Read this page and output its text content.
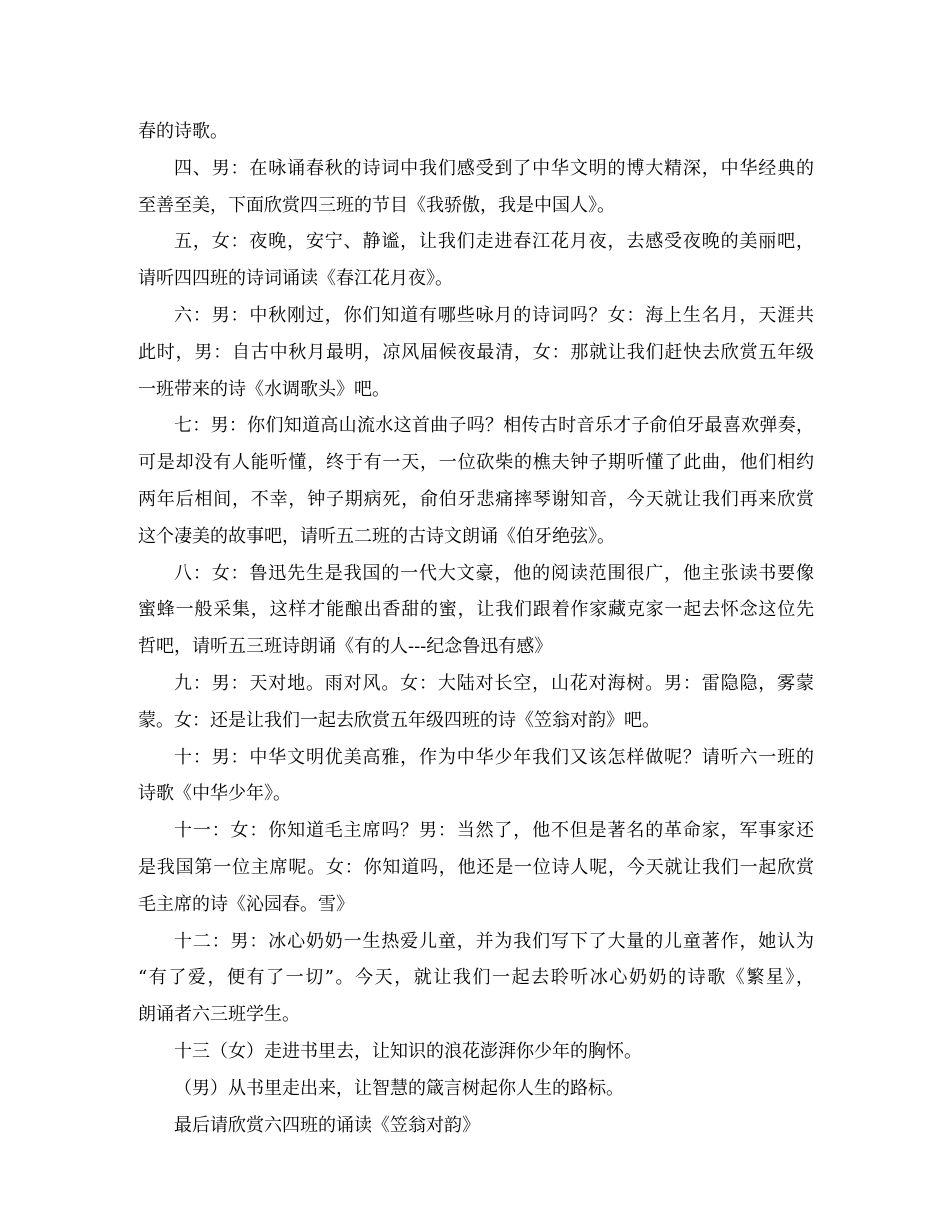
春的诗歌。
四、男：在咏诵春秋的诗词中我们感受到了中华文明的博大精深，中华经典的
至善至美，下面欣赏四三班的节目《我骄傲，我是中国人》。
五，女：夜晚，安宁、静谧，让我们走进春江花月夜，去感受夜晚的美丽吧，
请听四四班的诗词诵读《春江花月夜》。
六：男：中秋刚过，你们知道有哪些咏月的诗词吗？女：海上生名月，天涯共
此时，男：自古中秋月最明，凉风届候夜最清，女：那就让我们赶快去欣赏五年级
一班带来的诗《水调歌头》吧。
七：男：你们知道高山流水这首曲子吗？相传古时音乐才子俞伯牙最喜欢弹奏，
可是却没有人能听懂，终于有一天，一位砍柴的樵夫钟子期听懂了此曲，他们相约
两年后相间，不幸，钟子期病死，俞伯牙悲痛摔琴谢知音，今天就让我们再来欣赏
这个凄美的故事吧，请听五二班的古诗文朗诵《伯牙绝弦》。
八：女：鲁迅先生是我国的一代大文豪，他的阅读范围很广，他主张读书要像
蜜蜂一般采集，这样才能酿出香甜的蜜，让我们跟着作家藏克家一起去怀念这位先
哲吧，请听五三班诗朗诵《有的人---纪念鲁迅有感》
九：男：天对地。雨对风。女：大陆对长空，山花对海树。男：雷隐隐，雾蒙
蒙。女：还是让我们一起去欣赏五年级四班的诗《笠翁对韵》吧。
十：男：中华文明优美高雅，作为中华少年我们又该怎样做呢？请听六一班的
诗歌《中华少年》。
十一：女：你知道毛主席吗？男：当然了，他不但是著名的革命家，军事家还
是我国第一位主席呢。女：你知道吗，他还是一位诗人呢，今天就让我们一起欣赏
毛主席的诗《沁园春。雪》
十二：男：冰心奶奶一生热爱儿童，并为我们写下了大量的儿童著作，她认为
“有了爱，便有了一切”。今天，就让我们一起去聆听冰心奶奶的诗歌《繁星》，
朗诵者六三班学生。
十三（女）走进书里去，让知识的浪花澎湃你少年的胸怀。
（男）从书里走出来，让智慧的箴言树起你人生的路标。
最后请欣赏六四班的诵读《笠翁对韵》
